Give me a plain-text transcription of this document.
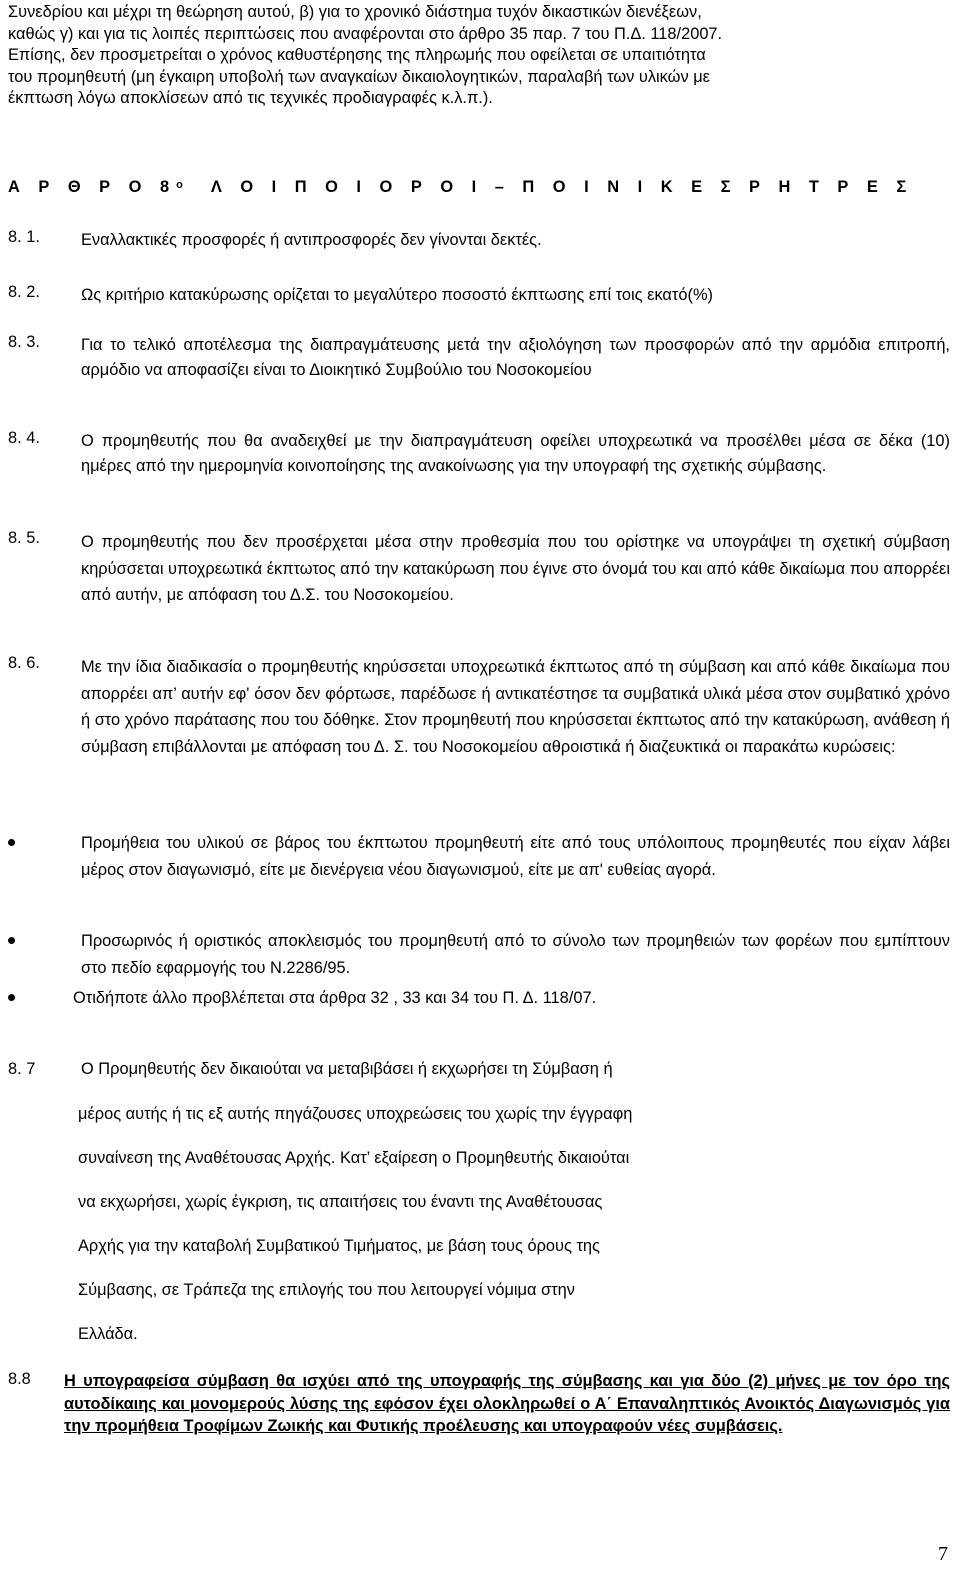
Συνεδρίου και μέχρι τη θεώρηση αυτού, β) για το χρονικό διάστημα τυχόν δικαστικών διενέξεων,
καθώς γ) και για τις λοιπές περιπτώσεις που αναφέρονται στο άρθρο 35 παρ. 7 του Π.Δ. 118/2007.
Επίσης, δεν προσμετρείται ο χρόνος καθυστέρησης της πληρωμής που οφείλεται σε υπαιτιότητα
του προμηθευτή (μη έγκαιρη υποβολή των αναγκαίων δικαιολογητικών, παραλαβή των υλικών με
έκπτωση λόγω αποκλίσεων από τις τεχνικές προδιαγραφές κ.λ.π.).
Α Ρ Θ Ρ Ο $8^o$ Λ Ο Ι Π Ο Ι Ο Ρ Ο Ι – Π Ο Ι Ν Ι Κ Ε Σ Ρ Η Τ Ρ Ε Σ
8. 1.	Εναλλακτικές προσφορές ή αντιπροσφορές δεν γίνονται δεκτές.
8. 2.	Ως κριτήριο κατακύρωσης ορίζεται το μεγαλύτερο ποσοστό έκπτωσης επί τοις εκατό(%)
8. 3.	Για το τελικό αποτέλεσμα της διαπραγμάτευσης μετά την αξιολόγηση των προσφορών από την αρμόδια επιτροπή, αρμόδιο να αποφασίζει είναι το Διοικητικό Συμβούλιο του Νοσοκομείου
8. 4.	Ο προμηθευτής που θα αναδειχθεί με την διαπραγμάτευση οφείλει υποχρεωτικά να προσέλθει μέσα σε δέκα (10) ημέρες από την ημερομηνία κοινοποίησης της ανακοίνωσης για την υπογραφή της σχετικής σύμβασης.
8. 5.	Ο προμηθευτής που δεν προσέρχεται μέσα στην προθεσμία που του ορίστηκε να υπογράψει τη σχετική σύμβαση κηρύσσεται υποχρεωτικά έκπτωτος από την κατακύρωση που έγινε στο όνομά του και από κάθε δικαίωμα που απορρέει από αυτήν, με απόφαση του Δ.Σ. του Νοσοκομείου.
8. 6.	Με την ίδια διαδικασία ο προμηθευτής κηρύσσεται υποχρεωτικά έκπτωτος από τη σύμβαση και από κάθε δικαίωμα που απορρέει απ’ αυτήν εφ' όσον δεν φόρτωσε, παρέδωσε ή αντικατέστησε τα συμβατικά υλικά μέσα στον συμβατικό χρόνο ή στο χρόνο παράτασης που του δόθηκε. Στον προμηθευτή που κηρύσσεται έκπτωτος από την κατακύρωση, ανάθεση ή σύμβαση επιβάλλονται με απόφαση του Δ. Σ. του Νοσοκομείου αθροιστικά ή διαζευκτικά οι παρακάτω κυρώσεις:
Προμήθεια του υλικού σε βάρος του έκπτωτου προμηθευτή είτε από τους υπόλοιπους προμηθευτές που είχαν λάβει μέρος στον διαγωνισμό, είτε με διενέργεια νέου διαγωνισμού, είτε με απ' ευθείας αγορά.
Προσωρινός ή οριστικός αποκλεισμός του προμηθευτή από το σύνολο των προμηθειών των φορέων που εμπίπτουν στο πεδίο εφαρμογής του Ν.2286/95.
Οτιδήποτε άλλο προβλέπεται στα άρθρα 32 , 33 και 34 του Π. Δ. 118/07.
8. 7	Ο Προμηθευτής δεν δικαιούται να μεταβιβάσει ή εκχωρήσει τη Σύμβαση ή
μέρος αυτής ή τις εξ αυτής πηγάζουσες υποχρεώσεις του χωρίς την έγγραφη
συναίνεση της Αναθέτουσας Αρχής. Κατ’ εξαίρεση ο Προμηθευτής δικαιούται
να εκχωρήσει, χωρίς έγκριση, τις απαιτήσεις του έναντι της Αναθέτουσας
Αρχής για την καταβολή Συμβατικού Τιμήματος, με βάση τους όρους της
Σύμβασης, σε Τράπεζα της επιλογής του που λειτουργεί νόμιμα στην
Ελλάδα.
8.8 Η υπογραφείσα σύμβαση θα ισχύει από της υπογραφής της σύμβασης και για δύο (2) μήνες με τον όρο της αυτοδίκαιης και μονομερούς λύσης της εφόσον έχει ολοκληρωθεί ο Α΄ Επαναληπτικός Ανοικτός Διαγωνισμός για την προμήθεια Τροφίμων Ζωικής και Φυτικής προέλευσης και υπογραφούν νέες συμβάσεις.
7
